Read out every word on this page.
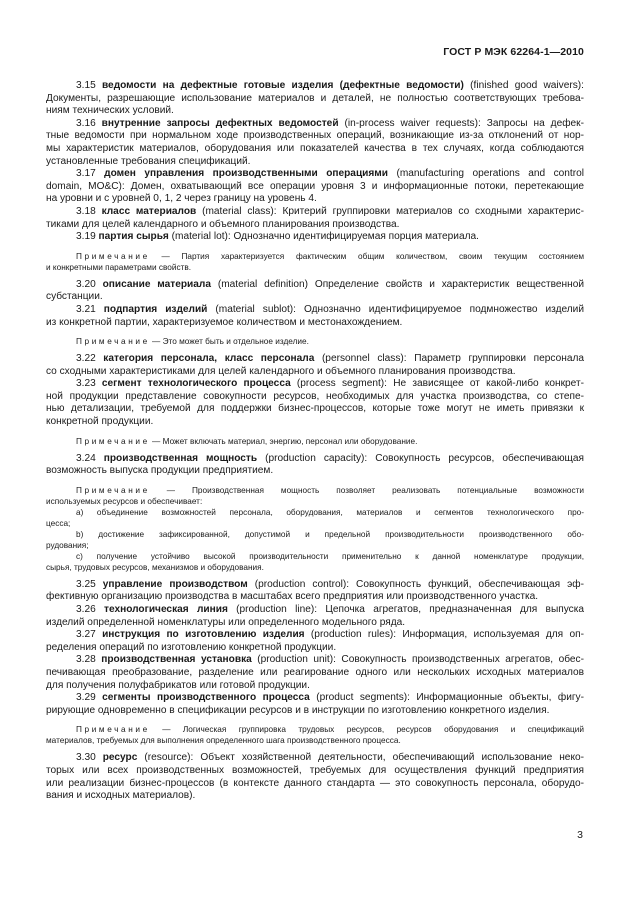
ГОСТ Р МЭК 62264-1—2010

3.15 ведомости на дефектные готовые изделия (дефектные ведомости) (finished good waivers):

Документы, разрешающие использование материалов и деталей, не полностью соответствующих требова-

ниям технических условий.

3.16 внутренние запросы дефектных ведомостей (in-process waiver requests): Запросы на дефек-

тные ведомости при нормальном ходе производственных операций, возникающие из-за отклонений от нор-

мы характеристик материалов, оборудования или показателей качества в тех случаях, когда соблюдаются

установленные требования спецификаций.

3.17 домен управления производственными операциями (manufacturing operations and control

domain, MO&C): Домен, охватывающий все операции уровня 3 и информационные потоки, перетекающие

на уровни и с уровней 0, 1, 2 через границу на уровень 4.

3.18 класс материалов (material class): Критерий группировки материалов со сходными характерис-

тиками для целей календарного и объемного планирования производства.

3.19 партия сырья (material lot): Однозначно идентифицируемая порция материала.

Примечание — Партия характеризуется фактическим общим количеством, своим текущим состоянием

и конкретными параметрами свойств.

3.20 описание материала (material definition) Определение свойств и характеристик вещественной

субстанции.

3.21 подпартия изделий (material sublot): Однозначно идентифицируемое подмножество изделий

из конкретной партии, характеризуемое количеством и местонахождением.

Примечание — Это может быть и отдельное изделие.

3.22 категория персонала, класс персонала (personnel class): Параметр группировки персонала

со сходными характеристиками для целей календарного и объемного планирования производства.

3.23 сегмент технологического процесса (process segment): Не зависящее от какой-либо конкрет-

ной продукции представление совокупности ресурсов, необходимых для участка производства, со степе-

нью детализации, требуемой для поддержки бизнес-процессов, которые тоже могут не иметь привязки к

конкретной продукции.

Примечание — Может включать материал, энергию, персонал или оборудование.

3.24 производственная мощность (production capacity): Совокупность ресурсов, обеспечивающая

возможность выпуска продукции предприятием.

Примечание — Производственная мощность позволяет реализовать потенциальные возможности

используемых ресурсов и обеспечивает:

а) объединение возможностей персонала, оборудования, материалов и сегментов технологического про-

цесса;

b) достижение зафиксированной, допустимой и предельной производительности производственного обо-

рудования;

с) получение устойчиво высокой производительности применительно к данной номенклатуре продукции,

сырья, трудовых ресурсов, механизмов и оборудования.

3.25 управление производством (production control): Совокупность функций, обеспечивающая эф-

фективную организацию производства в масштабах всего предприятия или производственного участка.

3.26 технологическая линия (production line): Цепочка агрегатов, предназначенная для выпуска

изделий определенной номенклатуры или определенного модельного ряда.

3.27 инструкция по изготовлению изделия (production rules): Информация, используемая для оп-

ределения операций по изготовлению конкретной продукции.

3.28 производственная установка (production unit): Совокупность производственных агрегатов, обес-

печивающая преобразование, разделение или реагирование одного или нескольких исходных материалов

для получения полуфабрикатов или готовой продукции.

3.29 сегменты производственного процесса (product segments): Информационные объекты, фигу-

рирующие одновременно в спецификации ресурсов и в инструкции по изготовлению конкретного изделия.

Примечание — Логическая группировка трудовых ресурсов, ресурсов оборудования и спецификаций

материалов, требуемых для выполнения определенного шага производственного процесса.

3.30 ресурс (resource): Объект хозяйственной деятельности, обеспечивающий использование неко-

торых или всех производственных возможностей, требуемых для осуществления функций предприятия

или реализации бизнес-процессов (в контексте данного стандарта — это совокупность персонала, оборудо-

вания и исходных материалов).

3
